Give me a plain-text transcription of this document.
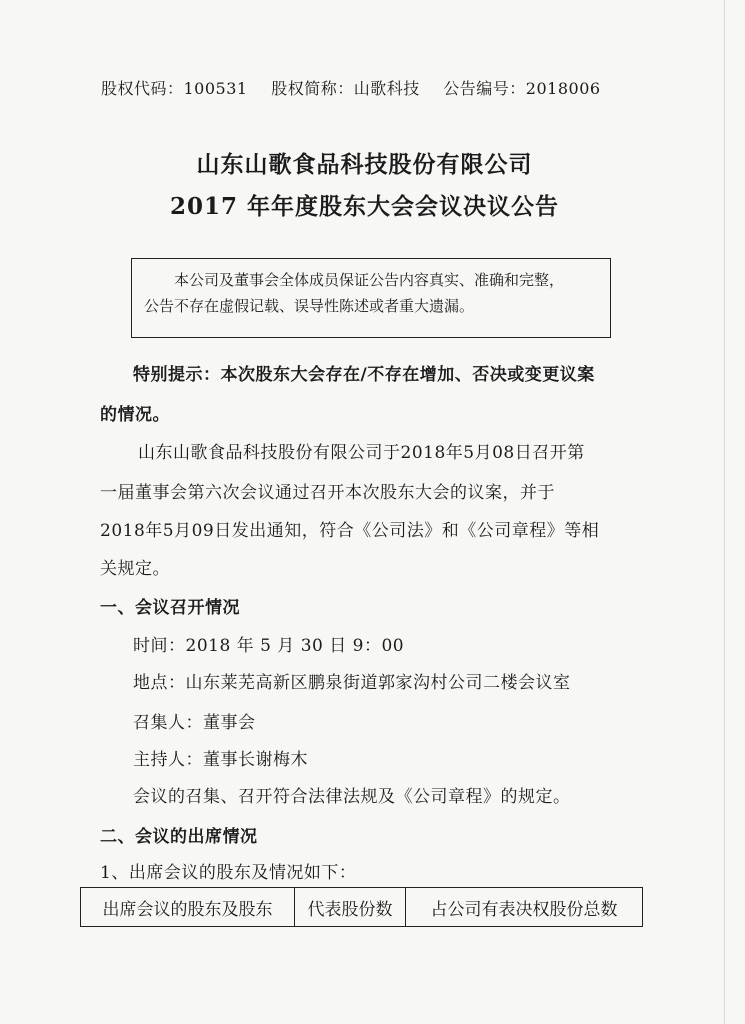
股权代码：100531 股权简称：山歌科技 公告编号：2018006
山东山歌食品科技股份有限公司
2017 年年度股东大会会议决议公告

本公司及董事会全体成员保证公告内容真实、准确和完整，

公告不存在虚假记载、误导性陈述或者重大遗漏。

特别提示：本次股东大会存在/不存在增加、否决或变更议案
的情况。
山东山歌食品科技股份有限公司于2018年5月08日召开第
一届董事会第六次会议通过召开本次股东大会的议案，并于
2018年5月09日发出通知，符合《公司法》和《公司章程》等相
关规定。
一、会议召开情况
时间：2018 年 5 月 30 日 9：00
地点：山东莱芜高新区鹏泉街道郭家沟村公司二楼会议室
召集人：董事会
主持人：董事长谢梅木
会议的召集、召开符合法律法规及《公司章程》的规定。
二、会议的出席情况
1、出席会议的股东及情况如下：
出席会议的股东及股东	代表股份数	占公司有表决权股份总数
